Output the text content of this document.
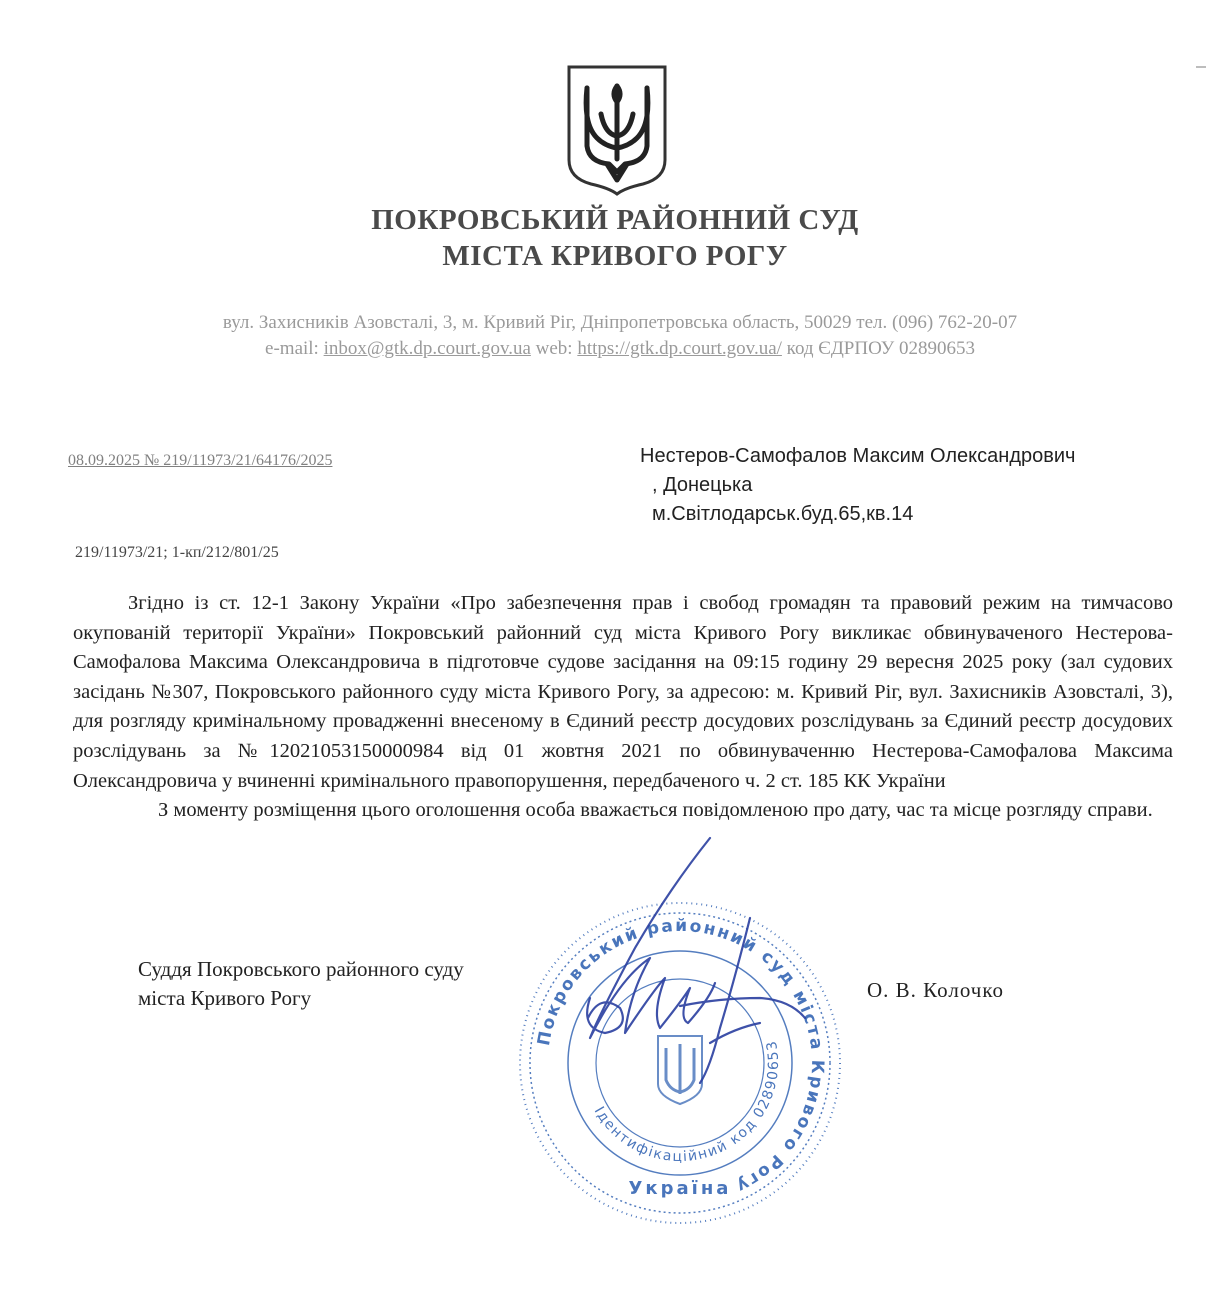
ПОКРОВСЬКИЙ РАЙОННИЙ СУД
МІСТА КРИВОГО РОГУ
вул. Захисників Азовсталі, 3, м. Кривий Ріг, Дніпропетровська область, 50029 тел. (096) 762-20-07
e-mail: inbox@gtk.dp.court.gov.ua web: https://gtk.dp.court.gov.ua/ код ЄДРПОУ 02890653
08.09.2025 № 219/11973/21/64176/2025	Нестеров-Самофалов Максим Олександрович
, Донецька
м.Світлодарськ.буд.65,кв.14
219/11973/21; 1-кп/212/801/25

Згідно із ст. 12-1 Закону України «Про забезпечення прав і свобод громадян та правовий режим на тимчасово окупованій території України» Покровський районний суд міста Кривого Рогу викликає обвинуваченого Нестерова-Самофалова Максима Олександровича в підготовче судове засідання на 09:15 годину 29 вересня 2025 року (зал судових засідань №307, Покровського районного суду міста Кривого Рогу, за адресою: м. Кривий Ріг, вул. Захисників Азовсталі, 3), для розгляду кримінальному провадженні внесеному в Єдиний реєстр досудових розслідувань за Єдиний реєстр досудових розслідувань за №12021053150000984 від 01 жовтня 2021 по обвинуваченню Нестерова-Самофалова Максима Олександровича у вчиненні кримінального правопорушення, передбаченого ч. 2 ст. 185 КК України

З моменту розміщення цього оголошення особа вважається повідомленою про дату, час та місце розгляду справи.

Суддя Покровського районного суду
міста Кривого Рогу	О. В. Колочко
Покровський районний суд міста Кривого Рогу
Ідентифікаційний код 02890653
Україна
